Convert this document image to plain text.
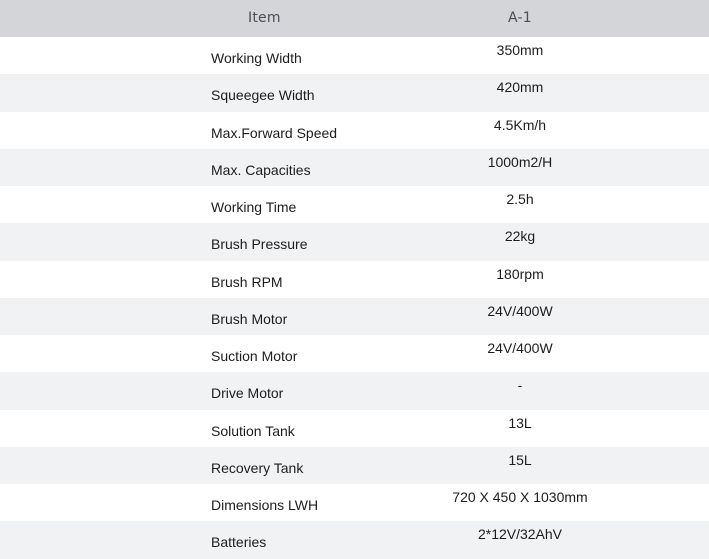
Item	A-1
Working Width	350mm
Squeegee Width	420mm
Max.Forward Speed	4.5Km/h
Max. Capacities	1000m2/H
Working Time	2.5h
Brush Pressure	22kg
Brush RPM	180rpm
Brush Motor	24V/400W
Suction Motor	24V/400W
Drive Motor	-
Solution Tank	13L
Recovery Tank	15L
Dimensions LWH	720 X 450 X 1030mm
Batteries	2*12V/32AhV
